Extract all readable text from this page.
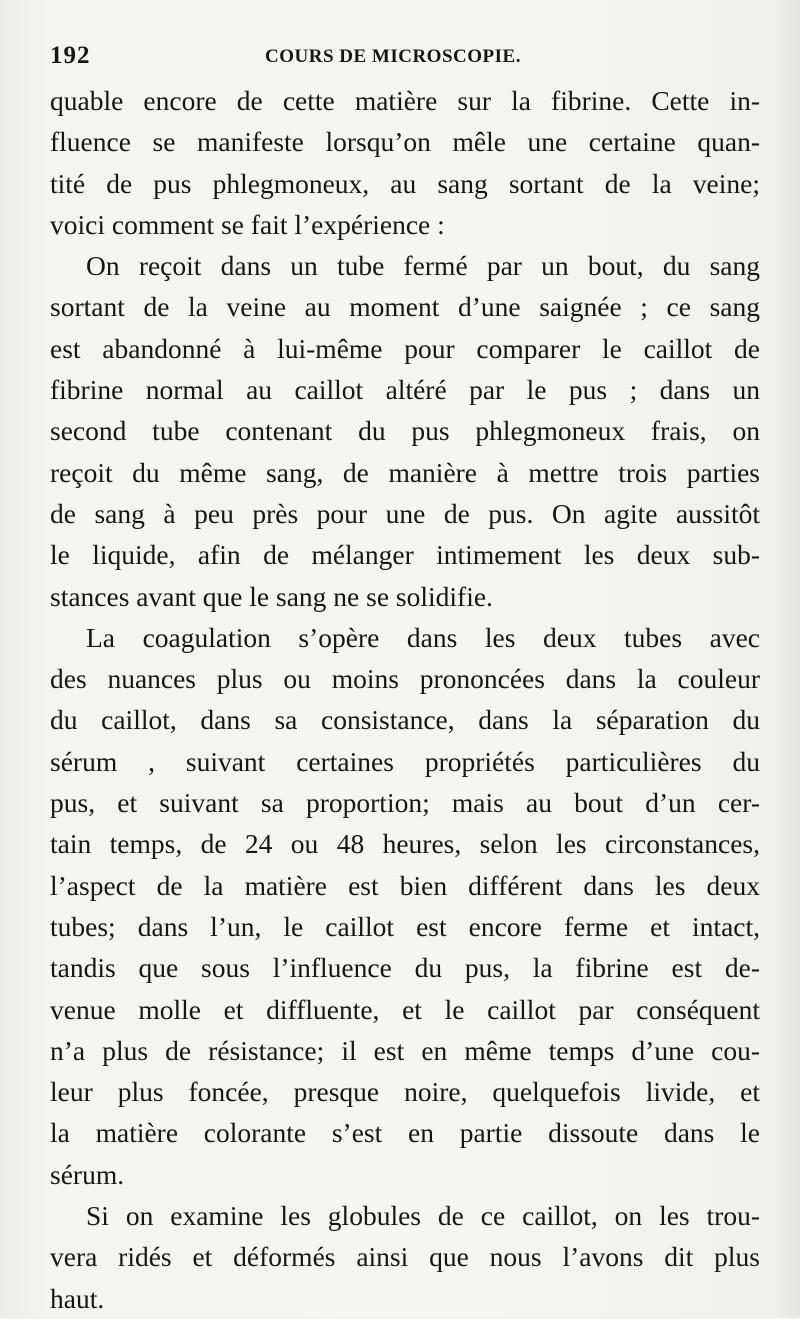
192	COURS DE MICROSCOPIE.
quable encore de cette matière sur la fibrine. Cette in-
fluence se manifeste lorsqu’on mêle une certaine quan-
tité de pus phlegmoneux, au sang sortant de la veine;
voici comment se fait l’expérience :
On reçoit dans un tube fermé par un bout, du sang
sortant de la veine au moment d’une saignée ; ce sang
est abandonné à lui-même pour comparer le caillot de
fibrine normal au caillot altéré par le pus ; dans un
second tube contenant du pus phlegmoneux frais, on
reçoit du même sang, de manière à mettre trois parties
de sang à peu près pour une de pus. On agite aussitôt
le liquide, afin de mélanger intimement les deux sub-
stances avant que le sang ne se solidifie.
La coagulation s’opère dans les deux tubes avec
des nuances plus ou moins prononcées dans la couleur
du caillot, dans sa consistance, dans la séparation du
sérum , suivant certaines propriétés particulières du
pus, et suivant sa proportion; mais au bout d’un cer-
tain temps, de 24 ou 48 heures, selon les circonstances,
l’aspect de la matière est bien différent dans les deux
tubes; dans l’un, le caillot est encore ferme et intact,
tandis que sous l’influence du pus, la fibrine est de-
venue molle et diffluente, et le caillot par conséquent
n’a plus de résistance; il est en même temps d’une cou-
leur plus foncée, presque noire, quelquefois livide, et
la matière colorante s’est en partie dissoute dans le
sérum.
Si on examine les globules de ce caillot, on les trou-
vera ridés et déformés ainsi que nous l’avons dit plus
haut.
